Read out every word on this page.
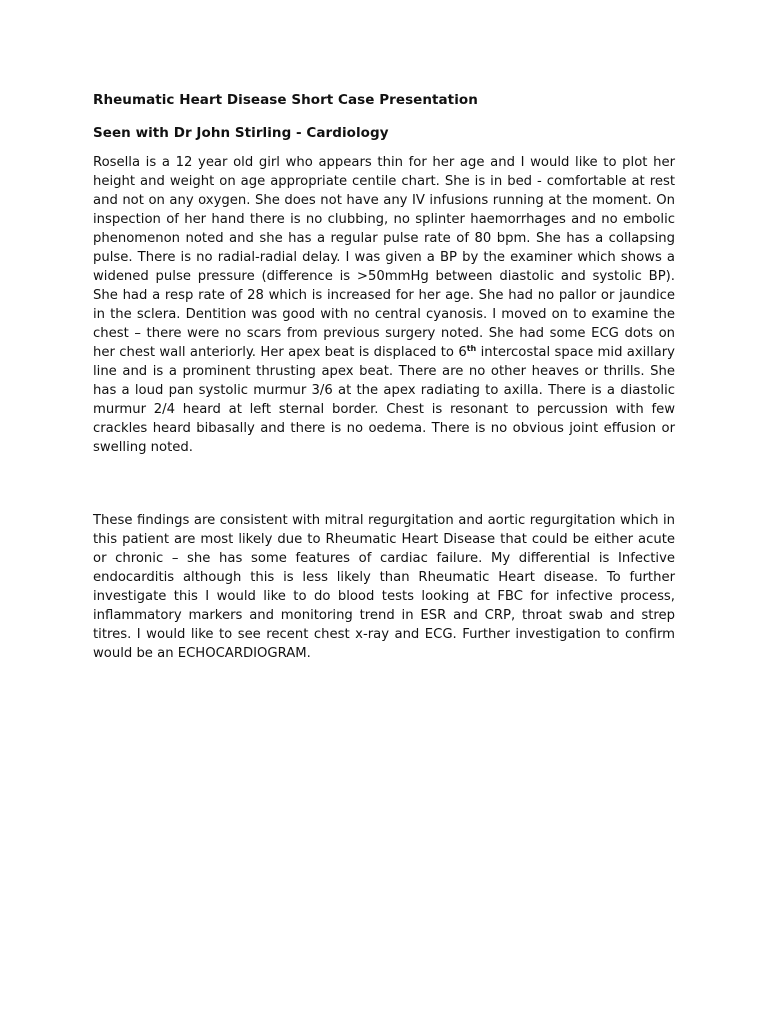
Rheumatic Heart Disease Short Case Presentation

Seen with Dr John Stirling - Cardiology

Rosella is a 12 year old girl who appears thin for her age and I would like to plot her height and weight on age appropriate centile chart. She is in bed - comfortable at rest and not on any oxygen. She does not have any IV infusions running at the moment. On inspection of her hand there is no clubbing, no splinter haemorrhages and no embolic phenomenon noted and she has a regular pulse rate of 80 bpm. She has a collapsing pulse. There is no radial-radial delay. I was given a BP by the examiner which shows a widened pulse pressure (difference is >50mmHg between diastolic and systolic BP). She had a resp rate of 28 which is increased for her age. She had no pallor or jaundice in the sclera. Dentition was good with no central cyanosis. I moved on to examine the chest – there were no scars from previous surgery noted. She had some ECG dots on her chest wall anteriorly. Her apex beat is displaced to 6th intercostal space mid axillary line and is a prominent thrusting apex beat. There are no other heaves or thrills. She has a loud pan systolic murmur 3/6 at the apex radiating to axilla. There is a diastolic murmur 2/4 heard at left sternal border. Chest is resonant to percussion with few crackles heard bibasally and there is no oedema. There is no obvious joint effusion or swelling noted.

These findings are consistent with mitral regurgitation and aortic regurgitation which in this patient are most likely due to Rheumatic Heart Disease that could be either acute or chronic – she has some features of cardiac failure. My differential is Infective endocarditis although this is less likely than Rheumatic Heart disease. To further investigate this I would like to do blood tests looking at FBC for infective process, inflammatory markers and monitoring trend in ESR and CRP, throat swab and strep titres. I would like to see recent chest x-ray and ECG. Further investigation to confirm would be an ECHOCARDIOGRAM.
